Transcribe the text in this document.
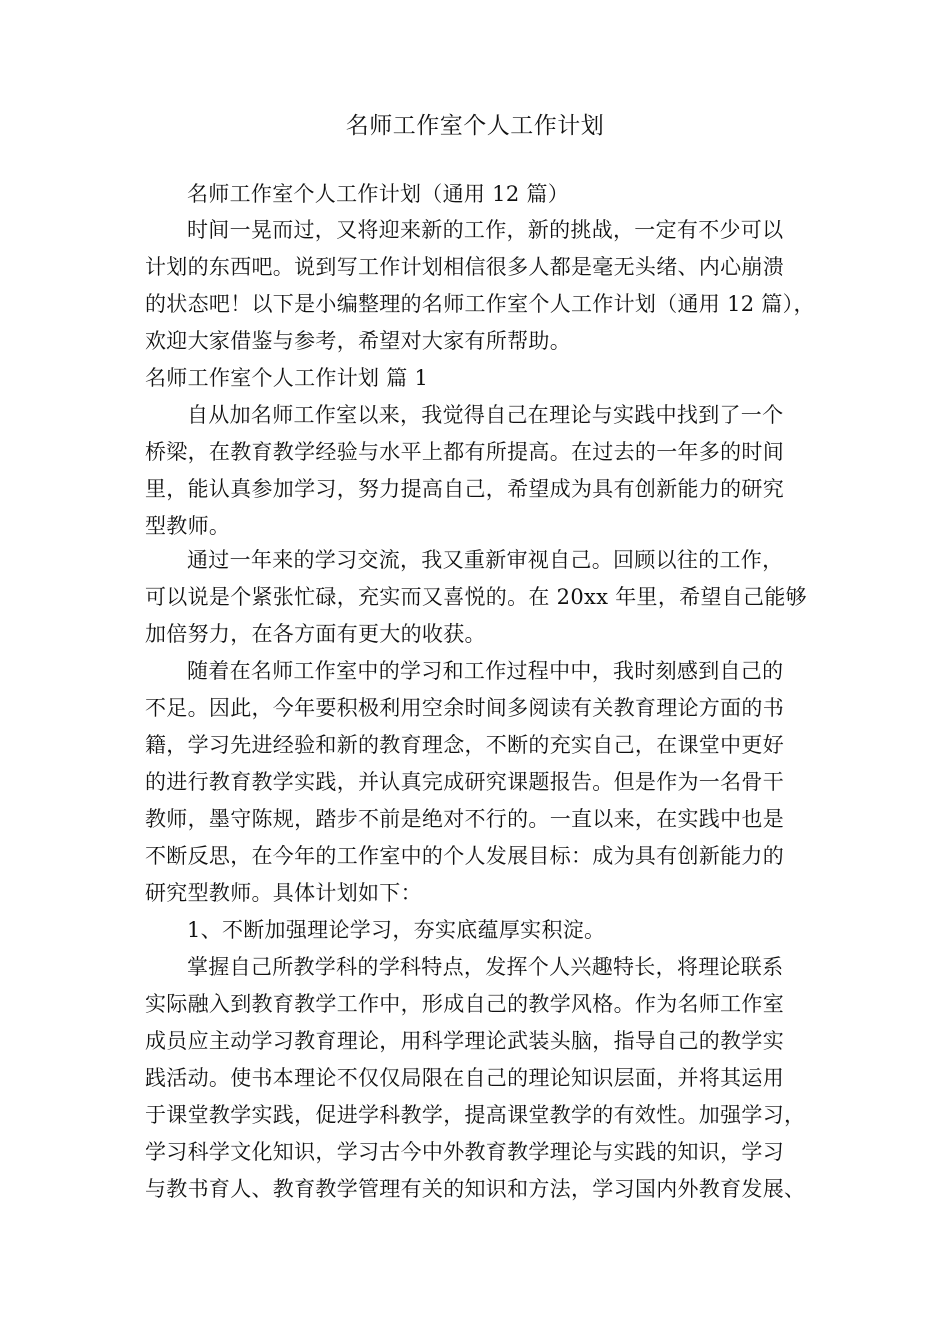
名师工作室个人工作计划
名师工作室个人工作计划（通用 12 篇）
时间一晃而过，又将迎来新的工作，新的挑战，一定有不少可以
计划的东西吧。说到写工作计划相信很多人都是毫无头绪、内心崩溃
的状态吧！以下是小编整理的名师工作室个人工作计划（通用 12 篇），
欢迎大家借鉴与参考，希望对大家有所帮助。
名师工作室个人工作计划 篇 1
自从加名师工作室以来，我觉得自己在理论与实践中找到了一个
桥梁，在教育教学经验与水平上都有所提高。在过去的一年多的时间
里，能认真参加学习，努力提高自己，希望成为具有创新能力的研究
型教师。
通过一年来的学习交流，我又重新审视自己。回顾以往的工作，
可以说是个紧张忙碌，充实而又喜悦的。在 20xx 年里，希望自己能够
加倍努力，在各方面有更大的收获。
随着在名师工作室中的学习和工作过程中中，我时刻感到自己的
不足。因此，今年要积极利用空余时间多阅读有关教育理论方面的书
籍，学习先进经验和新的教育理念，不断的充实自己，在课堂中更好
的进行教育教学实践，并认真完成研究课题报告。但是作为一名骨干
教师，墨守陈规，踏步不前是绝对不行的。一直以来，在实践中也是
不断反思，在今年的工作室中的个人发展目标：成为具有创新能力的
研究型教师。具体计划如下：
1、不断加强理论学习，夯实底蕴厚实积淀。
掌握自己所教学科的学科特点，发挥个人兴趣特长，将理论联系
实际融入到教育教学工作中，形成自己的教学风格。作为名师工作室
成员应主动学习教育理论，用科学理论武装头脑，指导自己的教学实
践活动。使书本理论不仅仅局限在自己的理论知识层面，并将其运用
于课堂教学实践，促进学科教学，提高课堂教学的有效性。加强学习，
学习科学文化知识，学习古今中外教育教学理论与实践的知识，学习
与教书育人、教育教学管理有关的知识和方法，学习国内外教育发展、
